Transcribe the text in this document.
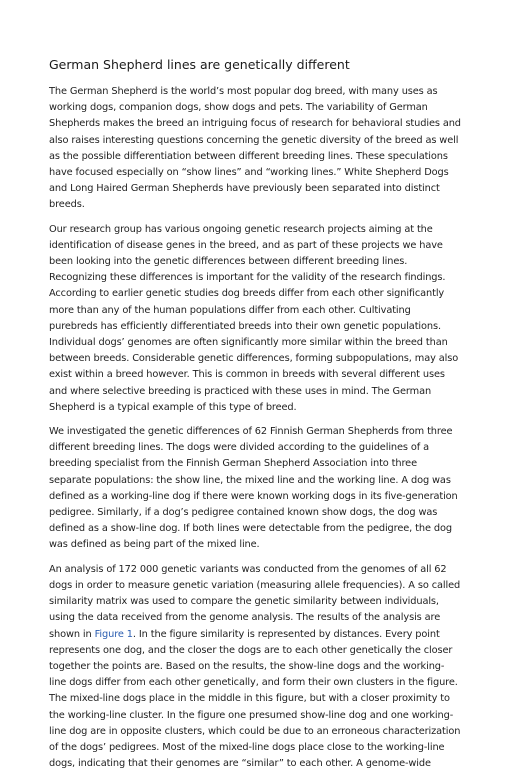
German Shepherd lines are genetically different

The German Shepherd is the world’s most popular dog breed, with many uses as working dogs, companion dogs, show dogs and pets. The variability of German Shepherds makes the breed an intriguing focus of research for behavioral studies and also raises interesting questions concerning the genetic diversity of the breed as well as the possible differentiation between different breeding lines. These speculations have focused especially on “show lines” and “working lines.” White Shepherd Dogs and Long Haired German Shepherds have previously been separated into distinct breeds.

Our research group has various ongoing genetic research projects aiming at the identification of disease genes in the breed, and as part of these projects we have been looking into the genetic differences between different breeding lines. Recognizing these differences is important for the validity of the research findings. According to earlier genetic studies dog breeds differ from each other significantly more than any of the human populations differ from each other. Cultivating purebreds has efficiently differentiated breeds into their own genetic populations. Individual dogs’ genomes are often significantly more similar within the breed than between breeds. Considerable genetic differences, forming subpopulations, may also exist within a breed however. This is common in breeds with several different uses and where selective breeding is practiced with these uses in mind. The German Shepherd is a typical example of this type of breed.

We investigated the genetic differences of 62 Finnish German Shepherds from three different breeding lines. The dogs were divided according to the guidelines of a breeding specialist from the Finnish German Shepherd Association into three separate populations: the show line, the mixed line and the working line. A dog was defined as a working-line dog if there were known working dogs in its five-generation pedigree. Similarly, if a dog’s pedigree contained known show dogs, the dog was defined as a show-line dog. If both lines were detectable from the pedigree, the dog was defined as being part of the mixed line.

An analysis of 172 000 genetic variants was conducted from the genomes of all 62 dogs in order to measure genetic variation (measuring allele frequencies). A so called similarity matrix was used to compare the genetic similarity between individuals, using the data received from the genome analysis. The results of the analysis are shown in Figure 1. In the figure similarity is represented by distances. Every point represents one dog, and the closer the dogs are to each other genetically the closer together the points are. Based on the results, the show-line dogs and the working-line dogs differ from each other genetically, and form their own clusters in the figure. The mixed-line dogs place in the middle in this figure, but with a closer proximity to the working-line cluster. In the figure one presumed show-line dog and one working-line dog are in opposite clusters, which could be due to an erroneous characterization of the dogs’ pedigrees. Most of the mixed-line dogs place close to the working-line dogs, indicating that their genomes are “similar” to each other. A genome-wide
